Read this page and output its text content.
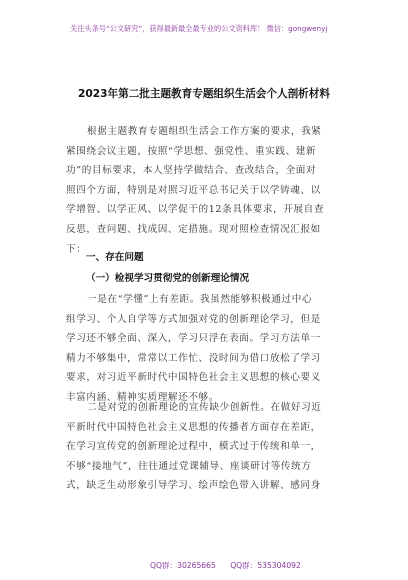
关注头条号“公文研究”，获得最新最全最专业的公文资料库！ 微信：gongwenyj
2023年第二批主题教育专题组织生活会个人剖析材料
根据主题教育专题组织生活会工作方案的要求，我紧
紧围绕会议主题，按照“学思想、强党性、重实践、建新
功”的目标要求，本人坚持学做结合、查改结合，全面对
照四个方面，特别是对照习近平总书记关于以学铸魂、以
学增智、以学正风、以学促干的12条具体要求，开展自查
反思，查问题、找成因、定措施。现对照检查情况汇报如
下：
一、存在问题
（一）检视学习贯彻党的创新理论情况
一是在“学懂”上有差距。我虽然能够积极通过中心
组学习、个人自学等方式加强对党的创新理论学习，但是
学习还不够全面、深入，学习只浮在表面。学习方法单一
精力不够集中，常常以工作忙、没时间为借口放松了学习
要求，对习近平新时代中国特色社会主义思想的核心要义
丰富内涵、精神实质理解还不够。
二是对党的创新理论的宣传缺少创新性。在做好习近
平新时代中国特色社会主义思想的传播者方面存在差距，
在学习宣传党的创新理论过程中，模式过于传统和单一，
不够“接地气”，往往通过党课辅导、座谈研讨等传统方
式，缺乏生动形象引导学习、绘声绘色带入讲解、感同身
QQ群：30265665 QQ群：535304092
